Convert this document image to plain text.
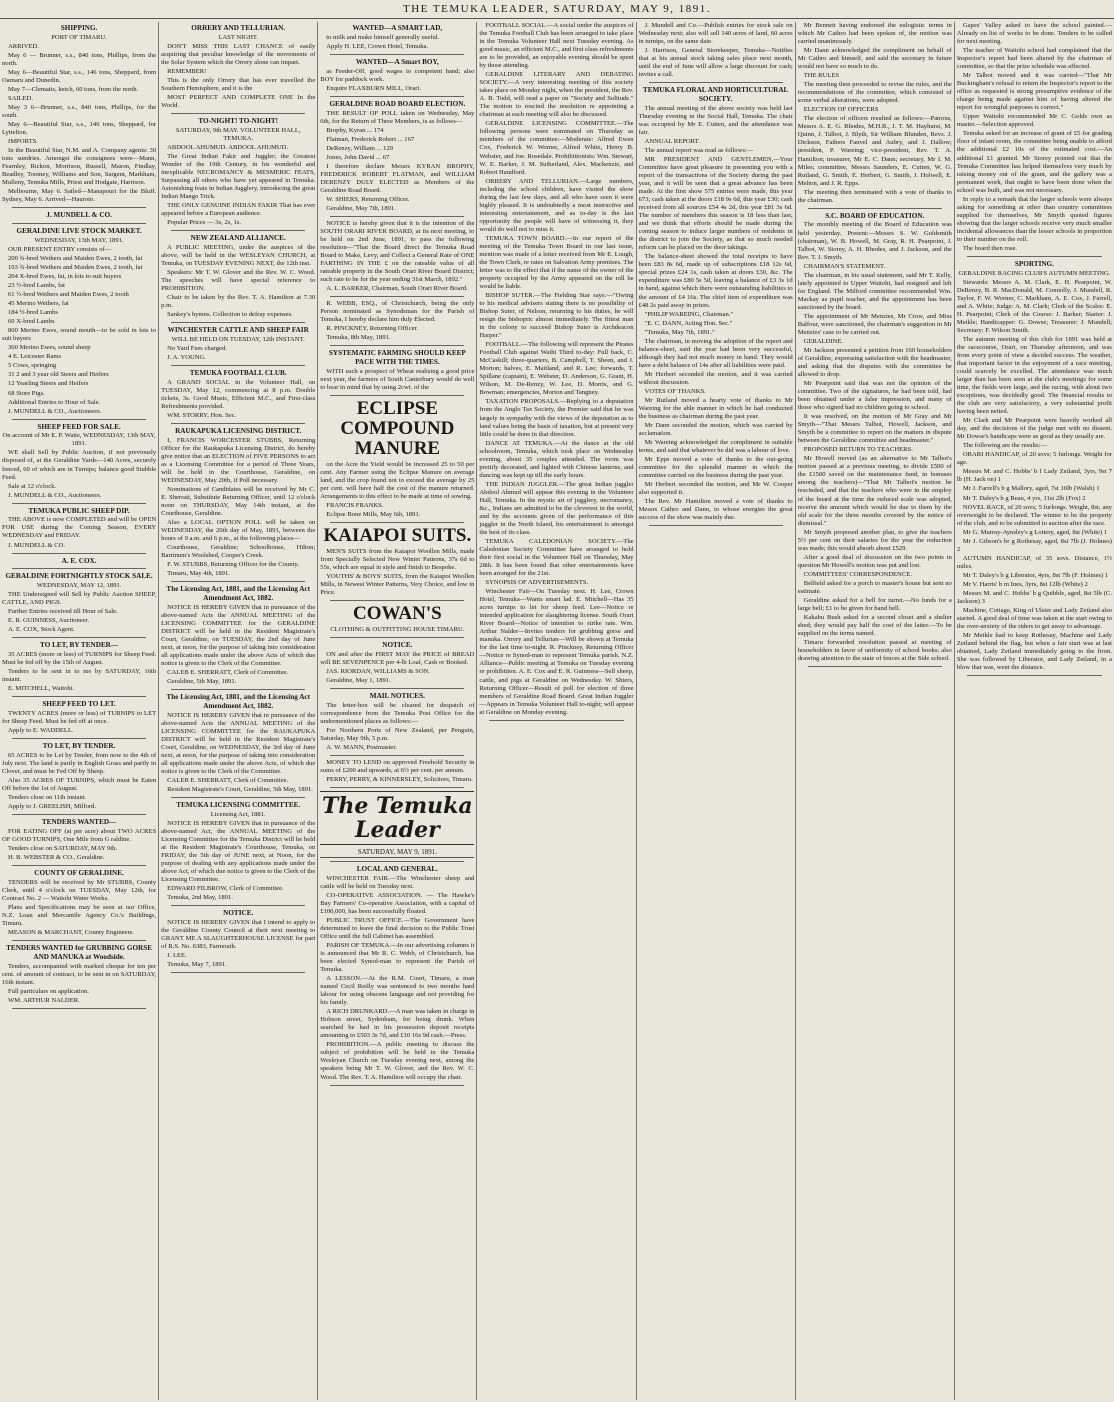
THE TEMUKA LEADER, SATURDAY, MAY 9, 1891.
SHIPPING.
PORT OF TIMARU.

ARRIVED.

May 6 — Brunner, s.s., 840 tons, Phillips, from the north.

May 6—Beautiful Star, s.s., 146 tons, Sheppard, from Oamaru and Dunedin.

May 7—Clematis, ketch, 60 tons, from the north.

SAILED.

May 3 6—Brunner, s.s., 840 tons, Phillips, for the south.

May 6—Beautiful Star, s.s., 146 tons, Sheppard, for Lyttelton.

IMPORTS.

In the Beautiful Star, N.M. and A. Company agents: 30 tons sundries. Amongst the consignees were—Mann, Fearnley, Rickon, Morrison, Russell, Mason, Findlay, Beadley, Toomey, Williams and Son, Sargent, Markham, Mulleny, Temuka Mills, Priest and Hodgate, Harrison.

Melbourne, May 6. Sailed—Manapouri for the Bluff. Sydney, May 6. Arrived—Hauroto.

J. MUNDELL & CO.
GERALDINE LIVE STOCK MARKET.
WEDNESDAY, 13th MAY, 1891.

OUR PRESENT ENTRY consists of—

200 ¾-bred Wethers and Maiden Ewes, 2 tooth, fat

103 ¾-bred Wethers and Maiden Ewes, 2 tooth, fat

204 X-bred Ewes, fat, in lots to suit buyers

23 ½-bred Lambs, fat

61 ½-bred Wethers and Maiden Ewes, 2 tooth

45 Merino Wethers, fat

184 ½-bred Lambs

60 X-bred Lambs

800 Merino Ewes, sound mouth—to be sold in lots to suit buyers

360 Merino Ewes, sound sheep

4 E. Leicester Rams

5 Cows, springing

31 2 and 3 year old Steers and Heifers

12 Yearling Steers and Heifers

68 Store Pigs.

Additional Entries to Hour of Sale.

J. MUNDELL & CO., Auctioneers.

SHEEP FEED FOR SALE.
On account of Mr E. P. Waite, WEDNESDAY, 13th MAY, 1891.

WE shall Sell by Public Auction, if not previously disposed of, at the Geraldine Yards—140 Acres, securely fenced, 60 of which are in Turnips; balance good Stubble Feed.

Sale at 12 o'clock.

J. MUNDELL & CO., Auctioneers.

TEMUKA PUBLIC SHEEP DIP.

THE ABOVE is now COMPLETED and will be OPEN FOR USE during the Coming Season, EVERY WEDNESDAY and FRIDAY.

J. MUNDELL & CO.

A. E. COX.
GERALDINE FORTNIGHTLY STOCK SALE.
WEDNESDAY, MAY 12, 1891.

THE Undersigned will Sell by Public Auction SHEEP, CATTLE, AND PIGS.

Further Entries received till Hour of Sale.

E. R. GUINNESS, Auctioneer.

A. E. COX, Stock Agent.

TO LET, BY TENDER—

35 ACRES (more or less) of TURNIPS for Sheep Feed. Must be fed off by the 15th of August.

Tenders to be sent in to me by SATURDAY, 16th instant.

E. MITCHELL, Waitohi.

SHEEP FEED TO LET.

TWENTY ACRES (more or less) of TURNIPS to LET for Sheep Feed. Must be fed off at once.

Apply to E. WADDELL.

TO LET, BY TENDER.

65 ACRES to be Let by Tender, from now to the 4th of July next. The land is partly in English Grass and partly in Clover, and must be Fed Off by Sheep.

Also 35 ACRES OF TURNIPS, which must be Eaten Off before the 1st of August.

Tenders close on 11th instant.

Apply to J. GREELISH, Milford.

TENDERS WANTED—

FOR EATING OFF (at per acre) about TWO ACRES OF GOOD TURNIPS, One Mile from G raldine.

Tenders close on SATURDAY, MAY 9th.

H. B. WEBSTER & CO., Geraldine.

COUNTY OF GERALDINE.

TENDERS will be received by Mr STUBBS, County Clerk, until 4 o'clock on TUESDAY, May 12th, for Contract No. 2 — Waitohi Water Works.

Plans and Specifications may be seen at our Office, N.Z. Loan and Mercantile Agency Co.'s Buildings, Timaru.

MEASON & MARCHANT, County Engineers.

TENDERS WANTED for GRUBBING GORSE AND MANUKA at Woodside.

Tenders, accompanied with marked cheque for ten per cent. of amount of contract, to be sent in on SATURDAY, 16th instant.

Full particulars on application.

WM. ARTHUR NALDER.

ORRERY AND TELLURIAN.
LAST NIGHT.

DON'T MISS THIS LAST CHANCE of easily acquiring that peculiar knowledge of the movements of the Solar System which the Orrery alone can impart.

REMEMBER!

This is the only Orrery that has ever travelled the Southern Hemisphere, and it is the

MOST PERFECT AND COMPLETE ONE In the World.

TO-NIGHT! TO-NIGHT!
SATURDAY, 9th MAY. VOLUNTEER HALL, TEMUKA.

ABDOOL AHUMUD. ABDOOL AHUMUD.

The Great Indian Fakir and Juggler; the Greatest Wonder of the 19th Century, in his wonderful and inexplicable NECROMANCY & MESMERIC FEATS, Surpassing all others who have yet appeared in Temuka. Astonishing feats in Indian Jugglery, introducing the great Indian Mango Trick.

THE ONLY GENUINE INDIAN FAKIR That has ever appeared before a European audience.

Popular Prices — 3s, 2s, 1s.

NEW ZEALAND ALLIANCE.

A PUBLIC MEETING, under the auspices of the above, will be held in the WESLEYAN CHURCH, at Temuka, on TUESDAY EVENING NEXT, the 12th inst.

Speakers: Mr T. W. Glover and the Rev. W. C. Wood. The speeches will have special reference to PROHIBITION.

Chair to be taken by the Rev. T. A. Hamilton at 7.30 p.m.

Sankey's hymns. Collection to defray expenses.

WINCHESTER CATTLE AND SHEEP FAIR
WILL BE HELD ON TUESDAY, 12th INSTANT.

No Yard Fees charged.

J. A. YOUNG.

TEMUKA FOOTBALL CLUB.

A GRAND SOCIAL in the Volunteer Hall, on TUESDAY, May 12, commencing at 8 p.m. Double tickets, 3s. Good Music, Efficient M.C., and First-class Refreshments provided.

WM. STORRY, Hon. Sec.

RAUKAPUKA LICENSING DISTRICT.

I, FRANCIS WORCESTER STUBBS, Returning Officer for the Raukapuka Licensing District, do hereby give notice that an ELECTION of FIVE PERSONS to act as a Licensing Committee for a period of Three Years, will be held in the Courthouse, Geraldine, on WEDNESDAY, May 20th, if Poll necessary.

Nominations of Candidates will be received by Mr C. E. Sherratt, Substitute Returning Officer, until 12 o'clock noon on THURSDAY, May 14th instant, at the Courthouse, Geraldine.

Also a LOCAL OPTION POLL will be taken on WEDNESDAY, the 20th day of May, 1891, between the hours of 9 a.m. and 6 p.m., at the following places—

Courthouse, Geraldine; Schoolhouse, Hilton; Barrinum's Woolshed, Cooper's Creek.

F. W. STUBBS, Returning Officer for the County.

Timaru, May 4th, 1891.

The Licensing Act, 1881, and the Licensing Act Amendment Act, 1882.

NOTICE IS HEREBY GIVEN that in pursuance of the above-named Acts the ANNUAL MEETING of the LICENSING COMMITTEE for the GERALDINE DISTRICT will be held in the Resident Magistrate's Court, Geraldine, on TUESDAY, the 2nd day of June next, at noon, for the purpose of taking into consideration all applications made under the above Acts of which due notice is given to the Clerk of the Committee.

CALEB E. SHERRATT, Clerk of Committee.

Geraldine, 5th May, 1891.

The Licensing Act, 1881, and the Licensing Act Amendment Act, 1882.

NOTICE IS HEREBY GIVEN that in pursuance of the above-named Acts the ANNUAL MEETING of the LICENSING COMMITTEE for the RAUKAPUKA DISTRICT will be held in the Resident Magistrate's Court, Geraldine, on WEDNESDAY, the 3rd day of June next, at noon, for the purpose of taking into consideration all applications made under the above Acts, of which due notice is given to the Clerk of the Committee.

CALEB E. SHERRATT, Clerk of Committee.

Resident Magistrate's Court, Geraldine, 5th May, 1891.

TEMUKA LICENSING COMMITTEE.
Licensing Act, 1881.

NOTICE IS HEREBY GIVEN that in pursuance of the above-named Act, the ANNUAL MEETING of the Licensing Committee for the Temuka District will be held at the Resident Magistrate's Courthouse, Temuka, on FRIDAY, the 5th day of JUNE next, at Noon, for the purpose of dealing with any applications made under the above Act, of which due notice is given to the Clerk of the Licensing Committee.

EDWARD FILBROW, Clerk of Committee.

Temuka, 2nd May, 1891.

NOTICE.

NOTICE IS HEREBY GIVEN that I intend to apply to the Geraldine County Council at their next meeting to GRANT ME A SLAUGHTERHOUSE LICENSE for part of R.S. No. 6383, Farmouth.

J. LEE.

Temuka, May 7, 1891.

WANTED—A SMART LAD,

to milk and make himself generally useful.

Apply H. LEE, Crown Hotel, Temuka.

WANTED—A Smart BOY,

as Feeder-Off, good wages to competent hand; also BOY for paddock work.

Enquire FLAXBURN MILL, Orari.

GERALDINE ROAD BOARD ELECTION.

THE RESULT OF POLL taken on Wednesday, May 6th, for the Return of Three Members, is as follows—

Brophy, Kyran ... 174

Flatman, Frederick Robert ... 167

DeRenzy, William ... 129

Jones, John David ... 67

I therefore declare Messrs KYRAN BROPHY, FREDERICK ROBERT FLATMAN, and WILLIAM DERENZY DULY ELECTED as Members of the Geraldine Road Board.

W. SHIERS, Returning Officer.

Geraldine, May 7th, 1891.

NOTICE is hereby given that it is the intention of the SOUTH ORARI RIVER BOARD, at its next meeting, to be held on 2nd June, 1891, to pass the following resolution—"That the Board direct the Temuka Road Board to Make, Levy, and Collect a General Rate of ONE FARTHING IN THE £ on the rateable value of all rateable property in the South Orari River Board District; such rate to be for the year ending 31st March, 1892."

A. L. BARKER, Chairman, South Orari River Board.

R. WEBB, ESQ., of Christchurch, being the only Person nominated as Synodsman for the Parish of Temuka, I hereby declare him duly Elected.

R. PINCKNEY, Returning Officer.

Temuka, 8th May, 1891.

SYSTEMATIC FARMING SHOULD KEEP PACE WITH THE TIMES.

WITH such a prospect of Wheat realising a good price next year, the farmers of South Canterbury would do well to bear in mind that by using 2cwt. of the

ECLIPSE COMPOUND MANURE

on the Acre the Yield would be increased 25 to 50 per cent. Any Farmer using the Eclipse Manure on average land, and the crop found not to exceed the average by 25 per cent. will have half the cost of the manure returned. Arrangements to this effect to be made at time of sowing.

FRANCIS FRANKS.

Eclipse Bone Mills, May 6th, 1891.

KAIAPOI SUITS.

MEN'S SUITS from the Kaiapoi Woollen Mills, made from Specially Selected New Winter Patterns, 37s 6d to 55s, which are equal in style and finish to Bespoke.

YOUTHS' & BOYS' SUITS, from the Kaiapoi Woollen Mills, in Newest Winter Patterns, Very Choice, and low in Price.

COWAN'S
CLOTHING & OUTFITTING HOUSE TIMARU.
NOTICE.

ON and after the FIRST MAY the PRICE of BREAD will BE SEVENPENCE per 4-lb Loaf, Cash or Booked.

JAS. RIORDAN, WILLIAMS & SON.

Geraldine, May 1, 1891.

MAIL NOTICES.

The letter-box will be cleared for despatch of correspondence from the Temuka Post Office for the undermentioned places as follows:—

For Northern Ports of New Zealand, per Penguin, Saturday, May 9th, 5 p.m.

A. W. MANN, Postmaster.

MONEY TO LEND on approved Freehold Security in sums of £200 and upwards, at 6½ per cent. per annum.

PERRY, PERRY, & KINNERSLEY, Solicitors, Timaru.

The Temuka Leader
SATURDAY, MAY 9, 1891.
LOCAL AND GENERAL.

WINCHESTER FAIR.—The Winchester sheep and cattle will be held on Tuesday next.

CO-OPERATIVE ASSOCIATION. — The Hawke's Bay Farmers' Co-operative Association, with a capital of £100,000, has been successfully floated.

PUBLIC TRUST OFFICE.—The Government have determined to leave the final decision to the Public Trust Office until the full Cabinet has assembled.

PARISH OF TEMUKA.—In our advertising columns it is announced that Mr R. C. Webb, of Christchurch, has been elected Synod-man to represent the Parish of Temuka.

A LESSON.—At the R.M. Court, Timaru, a man named Cecil Reilly was sentenced to two months hard labour for using obscene language and not providing for his family.

A RICH DRUNKARD.—A man was taken in charge in Hobson street, Sydenham, for being drunk. When searched he had in his possession deposit receipts amounting to £503 3s 7d, and £10 16s 9d cash.—Press.

PROHIBITION.—A public meeting to discuss the subject of prohibition will be held in the Temuka Wesleyan Church on Tuesday evening next, among the speakers being Mr T. W. Glover, and the Rev. W. C. Wood. The Rev. T. A. Hamilton will occupy the chair.

FOOTBALL SOCIAL.—A social under the auspices of the Temuka Football Club has been arranged to take place in the Temuka Volunteer Hall next Tuesday evening. As good music, an efficient M.C., and first class refreshments are to be provided, an enjoyable evening should be spent by those attending.

GERALDINE LITERARY AND DEBATING SOCIETY.—A very interesting meeting of this society takes place on Monday night, when the president, the Rev. A. B. Todd, will read a paper on "Society and Solitude." The motion to rescind the resolution re appointing a chairman at each meeting will also be discussed.

GERALDINE LICENSING COMMITTEE.—The following persons were nominated on Thursday as members of the committee:—Moderate: Alfred Ewen Cox, Frederick W. Worner, Alfred White, Henry B. Webster, and Joe. Rosedale. Prohibitionists: Wm. Stewart, W. E. Barker, J. M. Sutherland, Alex. Mackenzie, and Robert Handford.

ORRERY AND TELLURIAN.—Large numbers, including the school children, have visited the show during the last few days, and all who have seen it were highly pleased. It is undoubtedly a most instructive and interesting entertainment, and as to-day is the last opportunity the people will have of witnessing it, they would do well not to miss it.

TEMUKA TOWN BOARD.—In our report of the meeting of the Temuka Town Board in our last issue, mention was made of a letter received from Mr E. Lough, the Town Clerk, re rates on Salvation Army premises. The letter was to the effect that if the name of the owner of the property occupied by the Army appeared on the roll he would be liable.

BISHOP SUTER.—The Fielding Star says:—"Owing to his medical advisers stating there is no possibility of Bishop Suter, of Nelson, returning to his duties, he will resign the bishopric almost immediately. The fittest man in the colony to succeed Bishop Suter is Archdeacon Harper."

FOOTBALL.—The following will represent the Pirates Football Club against Waihi Third to-day: Full back, C. McCaskill; three-quarters, B. Campbell, T. Sheen, and J. Morton; halves, E. Maitland, and R. Lee; forwards, T. Spillane (captain), E. Webster, D. Anderson, G. Grant, H. Wilson, M. De-Renzy, W. Lee, D. Morris, and G. Bowman; emergencies, Morton and Tangney.

TAXATION PROPOSALS.—Replying to a deputation from the Anglo Tax Society, the Premier said that he was largely in sympathy with the views of the deputation as to land values being the basis of taxation, but at present very little could be done in that direction.

DANCE AT TEMUKA.—At the dance at the old schoolroom, Temuka, which took place on Wednesday evening, about 35 couples attended. The room was prettily decorated, and lighted with Chinese lanterns, and dancing was kept up till the early hours.

THE INDIAN JUGGLER.—The great Indian juggler Abdool Ahmud will appear this evening in the Volunteer Hall, Temuka. In the mystic art of jugglery, necromancy, &c., Indians are admitted to be the cleverest in the world, and by the accounts given of the performance of this juggler in the North Island, his entertainment is amongst the best of its class.

TEMUKA CALEDONIAN SOCIETY.—The Caledonian Society Committee have arranged to hold their first social in the Volunteer Hall on Thursday, May 28th. It has been found that other entertainments have been arranged for the 21st.

SYNOPSIS OF ADVERTISEMENTS.

Winchester Fair—On Tuesday next. H. Lee, Crown Hotel, Temuka—Wants smart lad. E. Mitchell—Has 35 acres turnips to let for sheep feed. Lee—Notice re intended application for slaughtering license. South Orari River Board—Notice of intention to strike rate. Wm. Arthur Nalder—Invites tenders for grubbing gorse and manuka. Orrery and Tellurian—Will be shown at Temuka for the last time to-night. R. Pinckney, Returning Officer—Notice re Synod-man to represent Temuka parish. N.Z. Alliance—Public meeting at Temuka on Tuesday evening re prohibition. A. E. Cox and E. R. Guinness—Sell sheep, cattle, and pigs at Geraldine on Wednesday. W. Shiers, Returning Officer—Result of poll for election of three members of Geraldine Road Board. Great Indian Juggler—Appears in Temuka Volunteer Hall to-night; will appear at Geraldine on Monday evening.

J. Mundell and Co.—Publish entries for stock sale on Wednesday next; also will sell 140 acres of land, 60 acres in turnips, on the same date.

J. Harrison, General Storekeeper, Temuka—Notifies that at his annual stock taking sales place next month, until the end of June will allow a large discount for cash; invites a call.

TEMUKA FLORAL AND HORTICULTURAL SOCIETY.

The annual meeting of the above society was held last Thursday evening in the Social Hall, Temuka. The chair was occupied by Mr E. Cutten, and the attendance was fair.

ANNUAL REPORT.

The annual report was read as follows:—

MR PRESIDENT AND GENTLEMEN,—Your Committee have great pleasure in presenting you with a report of the transactions of the Society during the past year, and it will be seen that a great advance has been made. At the first show 575 entries were made, this year 673; cash taken at the doors £18 9s 6d, this year £30; cash received from all sources £54 4s 2d, this year £81 3s 6d. The number of members this season is 18 less than last, and we think that efforts should be made during the coming season to induce larger numbers of residents in the district to join the Society, as that so much needed reform can be placed on the door takings.

The balance-sheet showed the total receipts to have been £83 8s 6d, made up of subscriptions £18 12s 6d, special prizes £24 1s, cash taken at doors £30, &c. The expenditure was £80 5s 5d, leaving a balance of £3 3s 1d in hand, against which there were outstanding liabilities to the amount of £4 16s. The chief item of expenditure was £48 2s paid away in prizes.

"PHILIP WAREING, Chairman."

"E. C. DANN, Acting Hon. Sec."

"Temuka, May 7th, 1891."

The chairman, in moving the adoption of the report and balance-sheet, said the year had been very successful, although they had not much money in hand. They would have a debt balance of 14s after all liabilities were paid.

Mr Herbert seconded the motion, and it was carried without discussion.

VOTES OF THANKS.

Mr Rutland moved a hearty vote of thanks to Mr Wareing for the able manner in which he had conducted the business as chairman during the past year.

Mr Dann seconded the motion, which was carried by acclamation.

Mr Wareing acknowledged the compliment in suitable terms, and said that whatever he did was a labour of love.

Mr Epps moved a vote of thanks to the out-going committee for the splendid manner in which the committee carried on the business during the past year.

Mr Herbert seconded the motion, and Mr W. Cooper also supported it.

The Rev. Mr Hamilton moved a vote of thanks to Messrs Cathro and Dann, to whose energies the great success of the show was mainly due.

Mr Bennett having endorsed the eulogistic terms in which Mr Cathro had been spoken of, the motion was carried unanimously.

Mr Dann acknowledged the compliment on behalf of Mr Cathro and himself, and said the secretary in future would not have so much to do.

THE RULES

The meeting then proceeded to revise the rules, and the recommendations of the committee, which consisted of some verbal alterations, were adopted.

ELECTION OF OFFICERS

The election of officers resulted as follows:—Patrons, Messrs A. E. G. Rhodes, M.H.R., J. T. M. Hayhurst, M. Quinn, J. Talbot, J. Blyth, Sir William Blunden, Revs. J. Dickson, Fathers Fauvel and Aubry, and J. Dallow; president, P. Wareing; vice-president, Rev. T. A. Hamilton; treasurer, Mr E. C. Dann; secretary, Mr I. M. Miles; committee, Messrs Saunders, E. Cutten, W. G. Rutland, G. Smith, E. Herbert, G. Smith, J. Holwell, E. Melton, and J. R. Epps.

The meeting then terminated with a vote of thanks to the chairman.

S.C. BOARD OF EDUCATION.

The monthly meeting of the Board of Education was held yesterday. Present:—Messrs S. W. Goldsmith (chairman), W. B. Howell, M. Gray, R. H. Pearpoint, J. Talbot, W. Storey, A. H. Rhodes, and J. Jackson, and the Rev. T. J. Smyth.

CHAIRMAN'S STATEMENT.

The chairman, in his usual statement, said Mr T. Kelly, lately appointed to Upper Waitohi, had resigned and left for England. The Milford committee recommended Wm. Mackay as pupil teacher, and the appointment has been sanctioned by the board.

The appointment of Mr Menzies, Mr Crow, and Miss Balfour, were sanctioned, the chairman's suggestion in Mr Menzies' case to be carried out.

GERALDINE.

Mr Jackson presented a petition from 160 householders of Geraldine, expressing satisfaction with the headmaster, and asking that the disputes with the committee be allowed to drop.

Mr Pearpoint said that was not the opinion of the committee. Two of the signatures, he had been told, had been obtained under a false impression, and many of those who signed had no children going to school.

It was resolved, on the motion of Mr Gray and Mr Smyth—"That Messrs Talbot, Howell, Jackson, and Smyth be a committee to report on the matters in dispute between the Geraldine committee and headmaster."

PROPOSED RETURN TO TEACHERS.

Mr Howell moved (as an alternative to Mr Talbot's motion passed at a previous meeting, to divide £500 of the £1500 saved on the maintenance fund, in bonuses among the teachers)—"That Mr Talbot's motion be rescinded, and that the teachers who were in the employ of the board at the time the reduced scale was adopted, receive the amount which would be due to them by the old scale for the three months covered by the notice of dismissal."

Mr Smyth proposed another plan, to give the teachers 5½ per cent on their salaries for the year the reduction was made; this would absorb about £529.

After a good deal of discussion on the two points in question Mr Howell's motion was put and lost.

COMMITTEES' CORRESPONDENCE.

Belfield asked for a porch to master's house but sent no estimate.

Geraldine asked for a bell for turret.—No funds for a large bell; £1 to be given for hand bell.

Kakahu Bush asked for a second closet and a shelter shed; they would pay half the cost of the latter.—To be supplied on the terms named.

Timaru forwarded resolution passed at meeting of householders in favor of uniformity of school books; also drawing attention to the state of fences at the Side school.

Gapes' Valley asked to have the school painted.—Already on list of works to be done. Tenders to be called for next meeting.

The teacher of Waitohi school had complained that the Inspector's report had been altered by the chairman of committee, so that the prize schedule was affected.

Mr Talbot moved and it was carried—"That Mr Buckingham's refusal to return the Inspector's report to the office as requested is strong presumptive evidence of the charge being made against him of having altered the report for wrongful purposes is correct."

Upper Waitohi recommended Mr C. Golds own as master.—Selection approved.

Temuka asked for an increase of grant of £5 for grading floor of infant room, the committee being unable to afford the additional £2 10s of the estimated cost.—An additional £1 granted. Mr Storey pointed out that the Temuka Committee has helped themselves very much by raising money out of the grant, and the gallery was a permanent work, that ought to have been done when the school was built, and was not necessary.

In reply to a remark that the larger schools were always asking for something at other than country committees supplied for themselves, Mr Smyth quoted figures showing that the larger schools receive very much smaller incidental allowances than the lesser schools in proportion to their number on the roll.

The board then rose.

SPORTING.
GERALDINE RACING CLUB'S AUTUMN MEETING.

Stewards: Messrs A. M. Clark, E. H. Pearpoint, W. DeRenzy, B. R. MacDonald, M. Connolly, J. Mundell, R. Taylor, F. W. Worner, C. Markham, A. E. Cox, J. Farrell, and A. White; Judge: A. M. Clark; Clerk of the Scales: E. H. Pearpoint; Clerk of the Course: J. Barker; Starter: J. Meikle; Handicapper: G. Dowse; Treasurer: J. Mundell; Secretary: F. Wilson Smith.

The autumn meeting of this club for 1891 was held at the racecourse, Orari, on Thursday afternoon, and was from every point of view a decided success. The weather, that important factor in the enjoyment of a race meeting, could scarcely be excelled. The attendance was much larger than has been seen at the club's meetings for some time, the fields were large, and the racing, with about two exceptions, was decidedly good. The financial results to the club are very satisfactory, a very substantial profit having been netted.

Mr Clark and Mr Pearpoint were heavily worked all day, and the decisions of the judge met with no dissent. Mr Dowse's handicaps were as good as they usually are.

The following are the results:—

ORARI HANDICAP, of 20 sovs; 5 furlongs. Weight for age.

Messrs M. and C. Hobbs' b f Lady Zetland, 3yrs, 9st 7 lb (H. Jack on) 1

Mr J. Farrell's b g Mallory, aged, 7st 10lb (Walsh) 1

Mr T. Daley's b g Beau, 4 yrs, 11st 2lb (Fox) 2

NOVEL RACE, of 20 sovs; 5 furlongs. Weight, 8st; any overweight to be declared. The winner to be the property of the club, and to be submitted to auction after the race.

Mr G. Murray-Aynsley's g Lottery, aged, 8st (White) 1

Mr J. Gibson's br g Rothesay, aged, 8st 7lb (J. Holmes) 2

AUTUMN HANDICAP, of 35 sovs. Distance, 1½ miles.

Mr T. Daley's b g Liberator, 4yrs, 8st 7lb (F. Holmes) 1

Mr V. Harris' b m Ines, 3yrs, 8st 12lb (White) 2

Messrs M. and C. Hobbs' b g Quibble, aged, 8st 5lb (C. Jackson) 3

Machine, Cottage, King of Ulster and Lady Zetland also started. A good deal of time was taken at the start owing to the over-anxiety of the riders to get away to advantage.

Mr Meikle had to keep Rothesay, Machine and Lady Zetland behind the flag, but when a fair start was at last obtained, Lady Zetland immediately going to the front. She was followed by Liberator, and Lady Zetland, in a blow that was, went the distance.
